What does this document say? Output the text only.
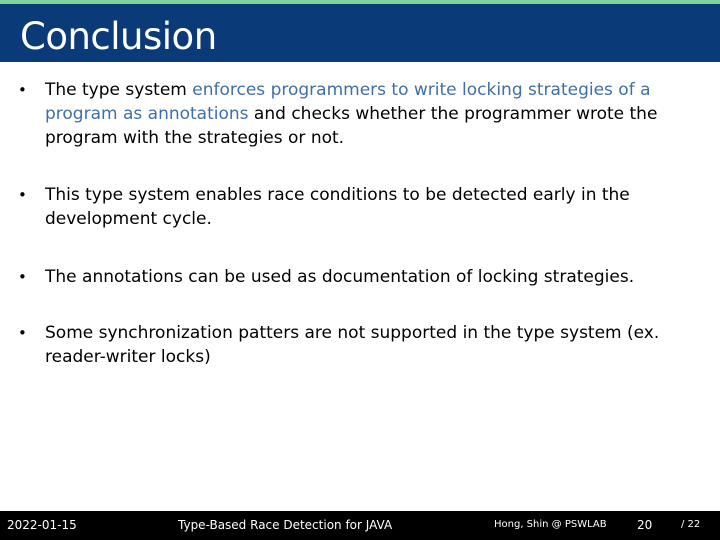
Conclusion
•	The type system enforces programmers to write locking strategies of a program as annotations and checks whether the programmer wrote the program with the strategies or not.
•	This type system enables race conditions to be detected early in the development cycle.
•	The annotations can be used as documentation of locking strategies.
•	Some synchronization patters are not supported in the type system (ex. reader-writer locks)
2022-01-15	Type-Based Race Detection for JAVA	Hong, Shin @ PSWLAB	20	/ 22
